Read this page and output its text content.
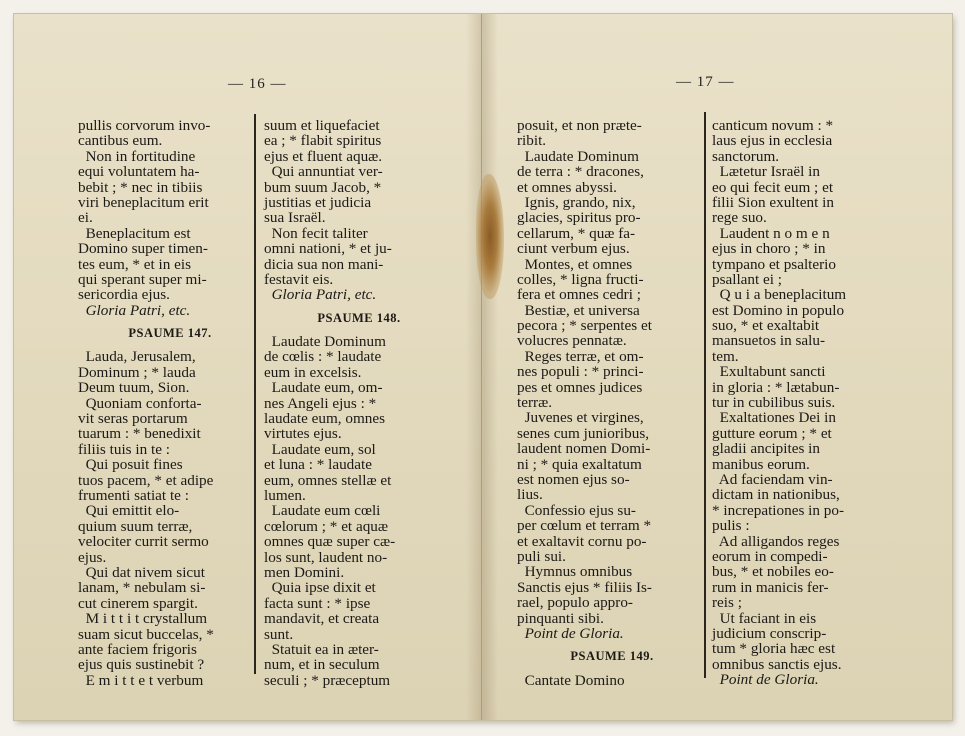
— 16 —
pullis corvorum invo-
cantibus eum.
Non in fortitudine
equi voluntatem ha-
bebit ; * nec in tibiis
viri beneplacitum erit
ei.
Beneplacitum est
Domino super timen-
tes eum, * et in eis
qui sperant super mi-
sericordia ejus.
Gloria Patri, etc.
PSAUME 147.
Lauda, Jerusalem,
Dominum ; * lauda
Deum tuum, Sion.
Quoniam conforta-
vit seras portarum
tuarum : * benedixit
filiis tuis in te :
Qui posuit fines
tuos pacem, * et adipe
frumenti satiat te :
Qui emittit elo-
quium suum terræ,
velociter currit sermo
ejus.
Qui dat nivem sicut
lanam, * nebulam si-
cut cinerem spargit.
M i t t i t crystallum
suam sicut buccelas, *
ante faciem frigoris
ejus quis sustinebit ?
E m i t t e t verbum
suum et liquefaciet
ea ; * flabit spiritus
ejus et fluent aquæ.
Qui annuntiat ver-
bum suum Jacob, *
justitias et judicia
sua Israël.
Non fecit taliter
omni nationi, * et ju-
dicia sua non mani-
festavit eis.
Gloria Patri, etc.
PSAUME 148.
Laudate Dominum
de cœlis : * laudate
eum in excelsis.
Laudate eum, om-
nes Angeli ejus : *
laudate eum, omnes
virtutes ejus.
Laudate eum, sol
et luna : * laudate
eum, omnes stellæ et
lumen.
Laudate eum cœli
cœlorum ; * et aquæ
omnes quæ super cæ-
los sunt, laudent no-
men Domini.
Quia ipse dixit et
facta sunt : * ipse
mandavit, et creata
sunt.
Statuit ea in æter-
num, et in seculum
seculi ; * præceptum
— 17 —
posuit, et non præte-
ribit.
Laudate Dominum
de terra : * dracones,
et omnes abyssi.
Ignis, grando, nix,
glacies, spiritus pro-
cellarum, * quæ fa-
ciunt verbum ejus.
Montes, et omnes
colles, * ligna fructi-
fera et omnes cedri ;
Bestiæ, et universa
pecora ; * serpentes et
volucres pennatæ.
Reges terræ, et om-
nes populi : * princi-
pes et omnes judices
terræ.
Juvenes et virgines,
senes cum junioribus,
laudent nomen Domi-
ni ; * quia exaltatum
est nomen ejus so-
lius.
Confessio ejus su-
per cœlum et terram *
et exaltavit cornu po-
puli sui.
Hymnus omnibus
Sanctis ejus * filiis Is-
rael, populo appro-
pinquanti sibi.
Point de Gloria.
PSAUME 149.
Cantate Domino
canticum novum : *
laus ejus in ecclesia
sanctorum.
Lætetur Israël in
eo qui fecit eum ; et
filii Sion exultent in
rege suo.
Laudent n o m e n
ejus in choro ; * in
tympano et psalterio
psallant ei ;
Q u i a beneplacitum
est Domino in populo
suo, * et exaltabit
mansuetos in salu-
tem.
Exultabunt sancti
in gloria : * lætabun-
tur in cubilibus suis.
Exaltationes Dei in
gutture eorum ; * et
gladii ancipites in
manibus eorum.
Ad faciendam vin-
dictam in nationibus,
* increpationes in po-
pulis :
Ad alligandos reges
eorum in compedi-
bus, * et nobiles eo-
rum in manicis fer-
reis ;
Ut faciant in eis
judicium conscrip-
tum * gloria hæc est
omnibus sanctis ejus.
Point de Gloria.
